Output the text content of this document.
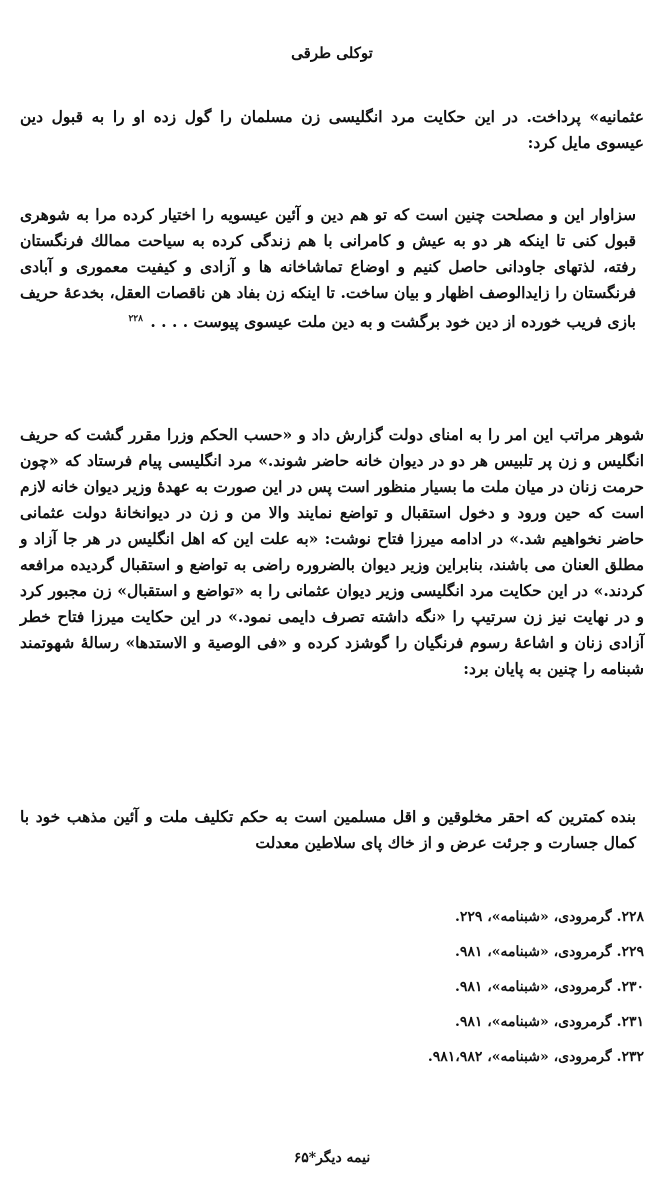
توکلی طرقی

عثمانیه» پرداخت. در این حکایت مرد انگلیسی زن مسلمان را گول زده او را به قبول دین عیسوی مایل کرد:

سزاوار این و مصلحت چنین است که تو هم دین و آئین عیسویه را اختیار کرده مرا به شوهری قبول کنی تا اینکه هر دو به عیش و کامرانی با هم زندگی کرده به سیاحت ممالك فرنگستان رفته، لذتهای جاودانی حاصل کنیم و اوضاع تماشاخانه ها و آزادی و کیفیت معموری و آبادی فرنگستان را زایدالوصف اظهار و بیان ساخت. تا اینکه زن بفاد هن ناقصات العقل، بخدعهٔ حریف بازی فریب خورده از دین خود برگشت و به دین ملت عیسوی پیوست . . . . $^{۲۲۸}$

شوهر مراتب این امر را به امنای دولت گزارش داد و «حسب الحکم وزرا مقرر گشت که حریف انگلیس و زن پر تلبیس هر دو در دیوان خانه حاضر شوند.» مرد انگلیسی پیام فرستاد که «چون حرمت زنان در میان ملت ما بسیار منظور است پس در این صورت به عهدهٔ وزیر دیوان خانه لازم است که حین ورود و دخول استقبال و تواضع نمایند والا من و زن در دیوانخانهٔ دولت عثمانی حاضر نخواهیم شد.» در ادامه میرزا فتاح نوشت: «به علت این که اهل انگلیس در هر جا آزاد و مطلق العنان می باشند، بنابراین وزیر دیوان بالضروره راضی به تواضع و استقبال گردیده مرافعه کردند.» در این حکایت مرد انگلیسی وزیر دیوان عثمانی را به «تواضع و استقبال» زن مجبور کرد و در نهایت نیز زن سرتیپ را «نگه داشته تصرف دایمی نمود.» در این حکایت میرزا فتاح خطر آزادی زنان و اشاعهٔ رسوم فرنگیان را گوشزد کرده و «فی الوصیة و الاستدها» رسالهٔ شهوتمند شبنامه را چنین به پایان برد:

بنده کمترین که احقر مخلوقین و اقل مسلمین است به حکم تکلیف ملت و آئین مذهب خود با کمال جسارت و جرئت عرض و از خاك پای سلاطین معدلت

۲۲۸. گرمرودی، «شبنامه»، ۲۲۹.
۲۲۹. گرمرودی، «شبنامه»، ۹۸۱.
۲۳۰. گرمرودی، «شبنامه»، ۹۸۱.
۲۳۱. گرمرودی، «شبنامه»، ۹۸۱.
۲۳۲. گرمرودی، «شبنامه»، ۹۸۱،۹۸۲.
نیمه دیگر*۶۵
